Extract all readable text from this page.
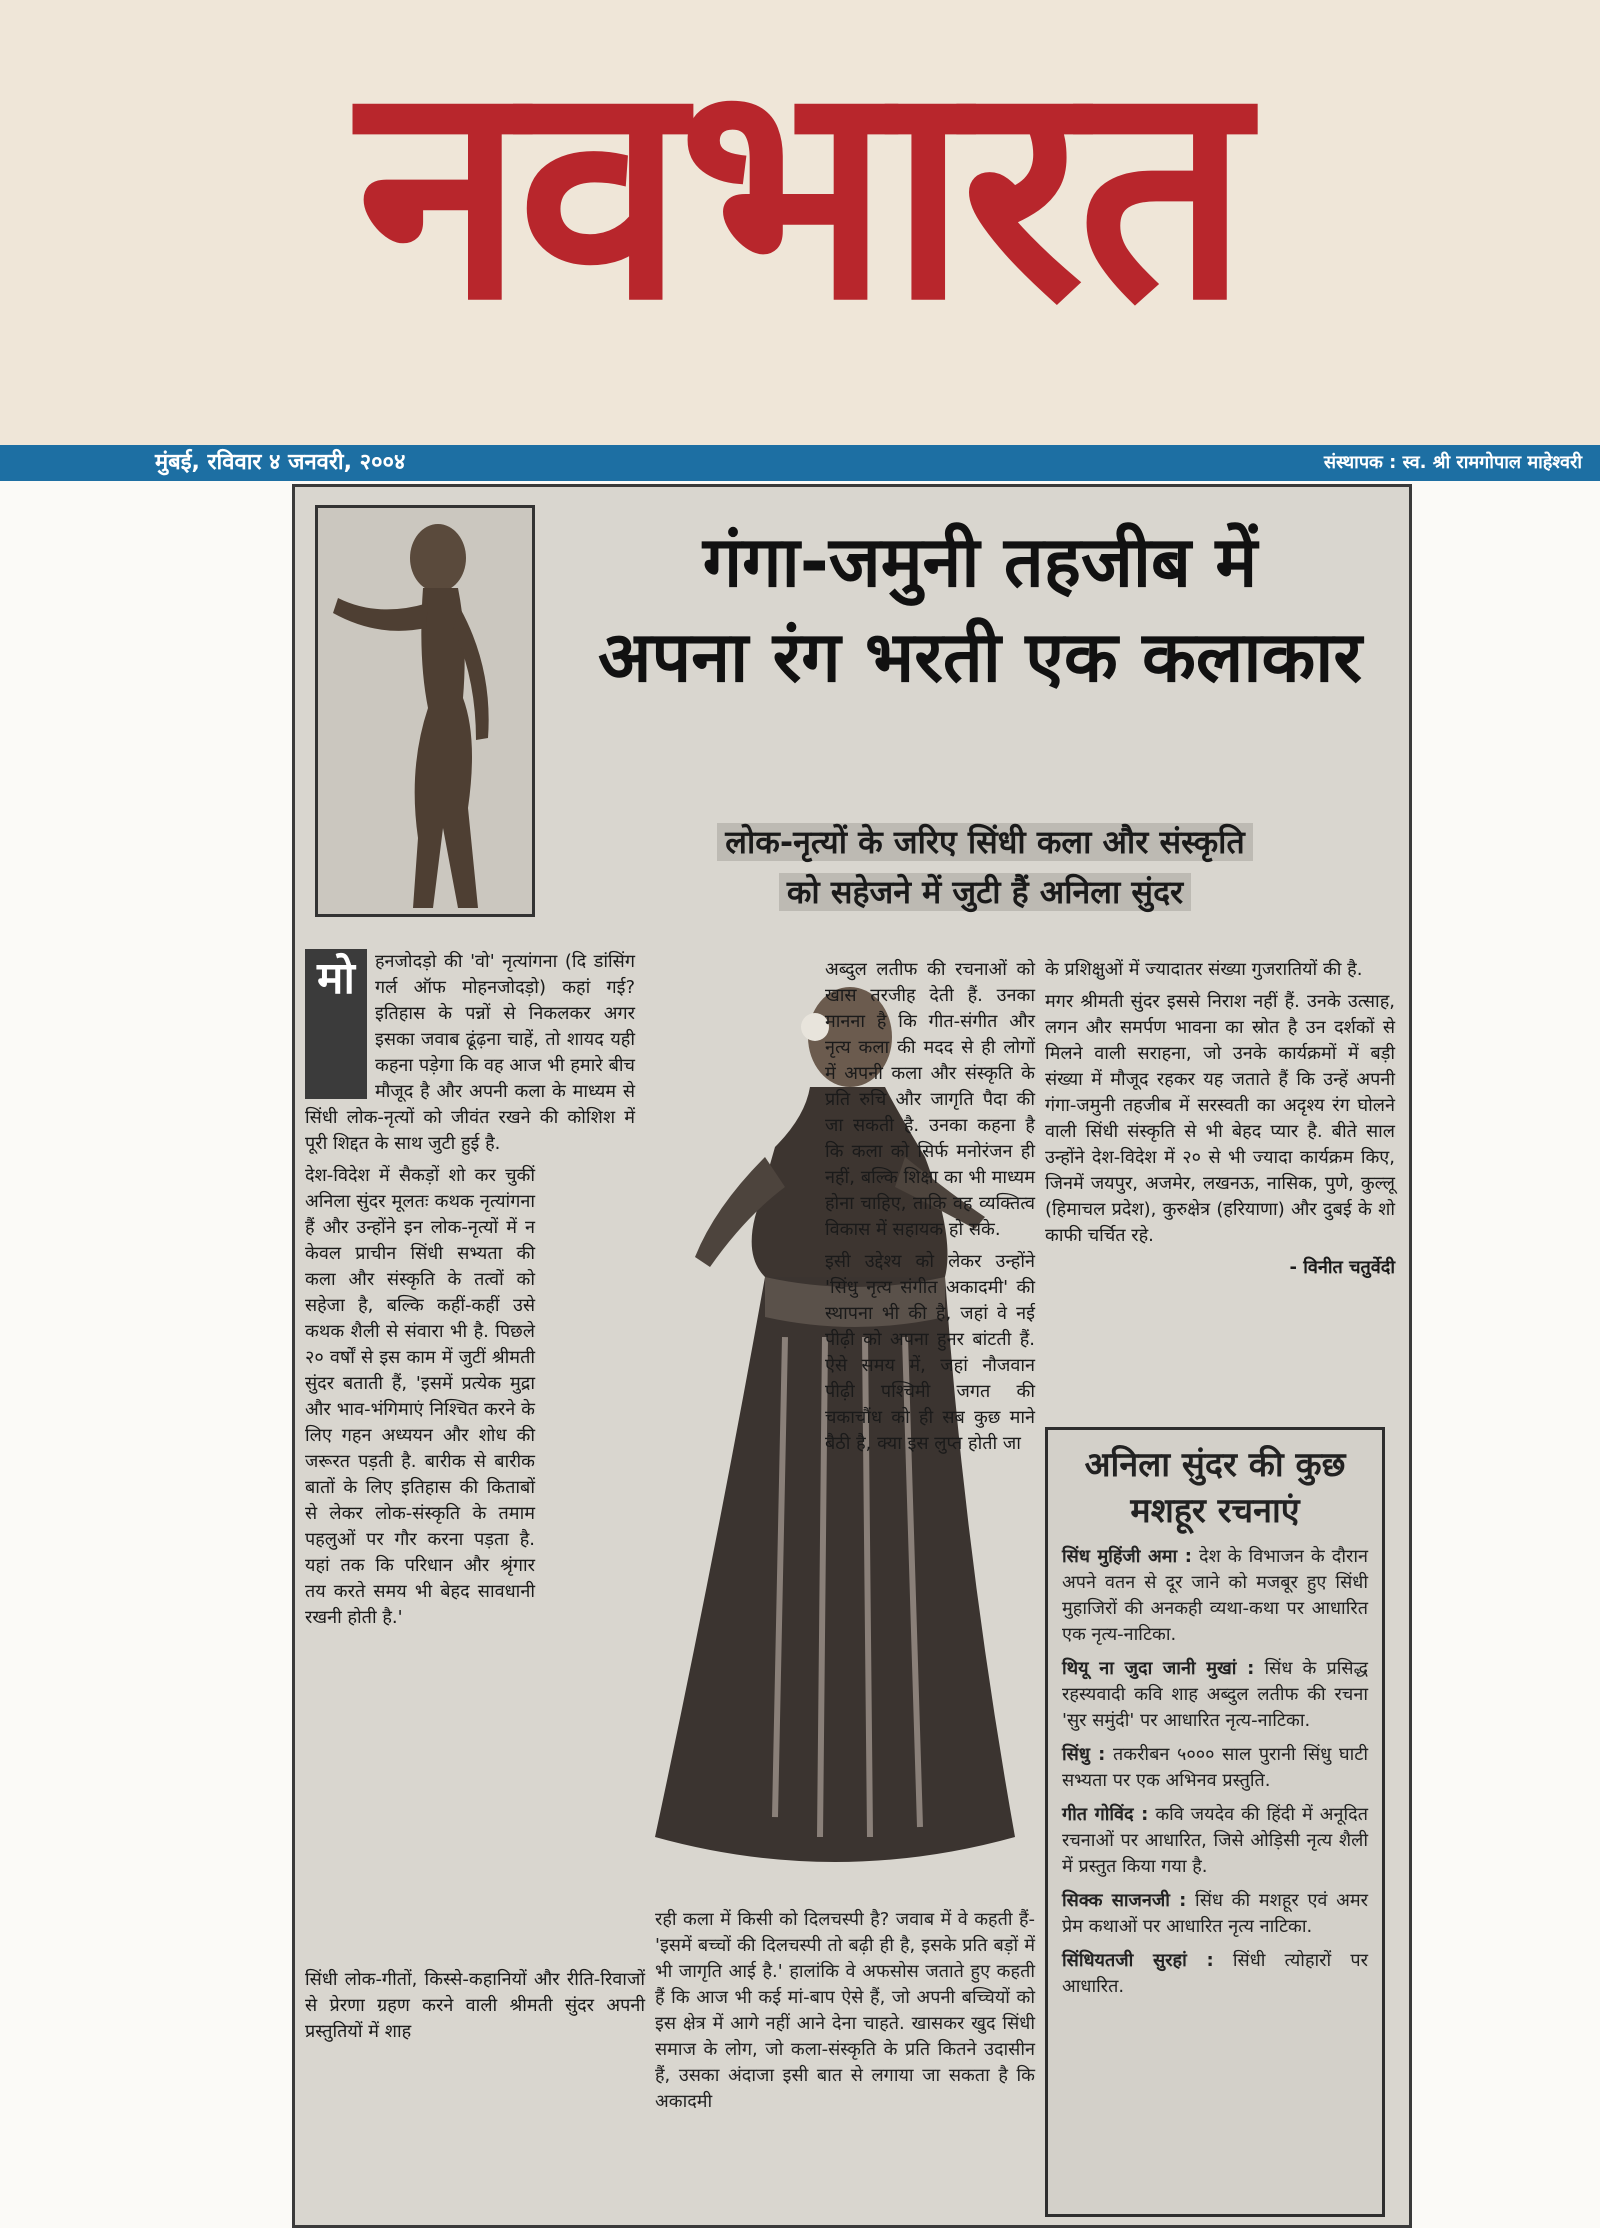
नवभारत
मुंबई, रविवार ४ जनवरी, २००४	संस्थापक : स्व. श्री रामगोपाल माहेश्वरी
गंगा-जमुनी तहजीब में
अपना रंग भरती एक कलाकार
लोक-नृत्यों के जरिए सिंधी कला और संस्कृति
को सहेजने में जुटी हैं अनिला सुंदर
मो	हनजोदड़ो की 'वो' नृत्यांगना (दि डांसिंग गर्ल ऑफ मोहनजोदड़ो) कहां गई? इतिहास के पन्नों से निकलकर अगर इसका जवाब ढूंढ़ना चाहें, तो शायद यही कहना पड़ेगा कि वह आज भी हमारे बीच मौजूद है और अपनी कला के माध्यम से सिंधी लोक-नृत्यों को जीवंत रखने की कोशिश में पूरी शिद्दत के साथ जुटी हुई है.

देश-विदेश में सैकड़ों शो कर चुकीं अनिला सुंदर मूलतः कथक नृत्यांगना हैं और उन्होंने इन लोक-नृत्यों में न केवल प्राचीन सिंधी सभ्यता की कला और संस्कृति के तत्वों को सहेजा है, बल्कि कहीं-कहीं उसे कथक शैली से संवारा भी है. पिछले २० वर्षों से इस काम में जुटीं श्रीमती सुंदर बताती हैं, 'इसमें प्रत्येक मुद्रा और भाव-भंगिमाएं निश्चित करने के लिए गहन अध्ययन और शोध की जरूरत पड़ती है. बारीक से बारीक बातों के लिए इतिहास की किताबों से लेकर लोक-संस्कृति के तमाम पहलुओं पर गौर करना पड़ता है. यहां तक कि परिधान और श्रृंगार तय करते समय भी बेहद सावधानी रखनी होती है.'

अब्दुल लतीफ की रचनाओं को खास तरजीह देती हैं. उनका मानना है कि गीत-संगीत और नृत्य कला की मदद से ही लोगों में अपनी कला और संस्कृति के प्रति रुचि और जागृति पैदा की जा सकती है. उनका कहना है कि कला को सिर्फ मनोरंजन ही नहीं, बल्कि शिक्षा का भी माध्यम होना चाहिए, ताकि वह व्यक्तित्व विकास में सहायक हो सके.

इसी उद्देश्य को लेकर उन्होंने 'सिंधु नृत्य संगीत अकादमी' की स्थापना भी की है, जहां वे नई पीढ़ी को अपना हुनर बांटती हैं. ऐसे समय में, जहां नौजवान पीढ़ी पश्चिमी जगत की चकाचौंध को ही सब कुछ माने बैठी है, क्या इस लुप्त होती जा

रही कला में किसी को दिलचस्पी है? जवाब में वे कहती हैं- 'इसमें बच्चों की दिलचस्पी तो बढ़ी ही है, इसके प्रति बड़ों में भी जागृति आई है.' हालांकि वे अफसोस जताते हुए कहती हैं कि आज भी कई मां-बाप ऐसे हैं, जो अपनी बच्चियों को इस क्षेत्र में आगे नहीं आने देना चाहते. खासकर खुद सिंधी समाज के लोग, जो कला-संस्कृति के प्रति कितने उदासीन हैं, उसका अंदाजा इसी बात से लगाया जा सकता है कि अकादमी

के प्रशिक्षुओं में ज्यादातर संख्या गुजरातियों की है.

मगर श्रीमती सुंदर इससे निराश नहीं हैं. उनके उत्साह, लगन और समर्पण भावना का स्रोत है उन दर्शकों से मिलने वाली सराहना, जो उनके कार्यक्रमों में बड़ी संख्या में मौजूद रहकर यह जताते हैं कि उन्हें अपनी गंगा-जमुनी तहजीब में सरस्वती का अदृश्य रंग घोलने वाली सिंधी संस्कृति से भी बेहद प्यार है. बीते साल उन्होंने देश-विदेश में २० से भी ज्यादा कार्यक्रम किए, जिनमें जयपुर, अजमेर, लखनऊ, नासिक, पुणे, कुल्लू (हिमाचल प्रदेश), कुरुक्षेत्र (हरियाणा) और दुबई के शो काफी चर्चित रहे.

- विनीत चतुर्वेदी
अनिला सुंदर की कुछ मशहूर रचनाएं

सिंध मुहिंजी अमा : देश के विभाजन के दौरान अपने वतन से दूर जाने को मजबूर हुए सिंधी मुहाजिरों की अनकही व्यथा-कथा पर आधारित एक नृत्य-नाटिका.

थियू ना जुदा जानी मुखां : सिंध के प्रसिद्ध रहस्यवादी कवि शाह अब्दुल लतीफ की रचना 'सुर समुंदी' पर आधारित नृत्य-नाटिका.

सिंधु : तकरीबन ५००० साल पुरानी सिंधु घाटी सभ्यता पर एक अभिनव प्रस्तुति.

गीत गोविंद : कवि जयदेव की हिंदी में अनूदित रचनाओं पर आधारित, जिसे ओड़िसी नृत्य शैली में प्रस्तुत किया गया है.

सिक्क साजनजी : सिंध की मशहूर एवं अमर प्रेम कथाओं पर आधारित नृत्य नाटिका.

सिंधियतजी सुरहां : सिंधी त्योहारों पर आधारित.

सिंधी लोक-गीतों, किस्से-कहानियों और रीति-रिवाजों से प्रेरणा ग्रहण करने वाली श्रीमती सुंदर अपनी प्रस्तुतियों में शाह
